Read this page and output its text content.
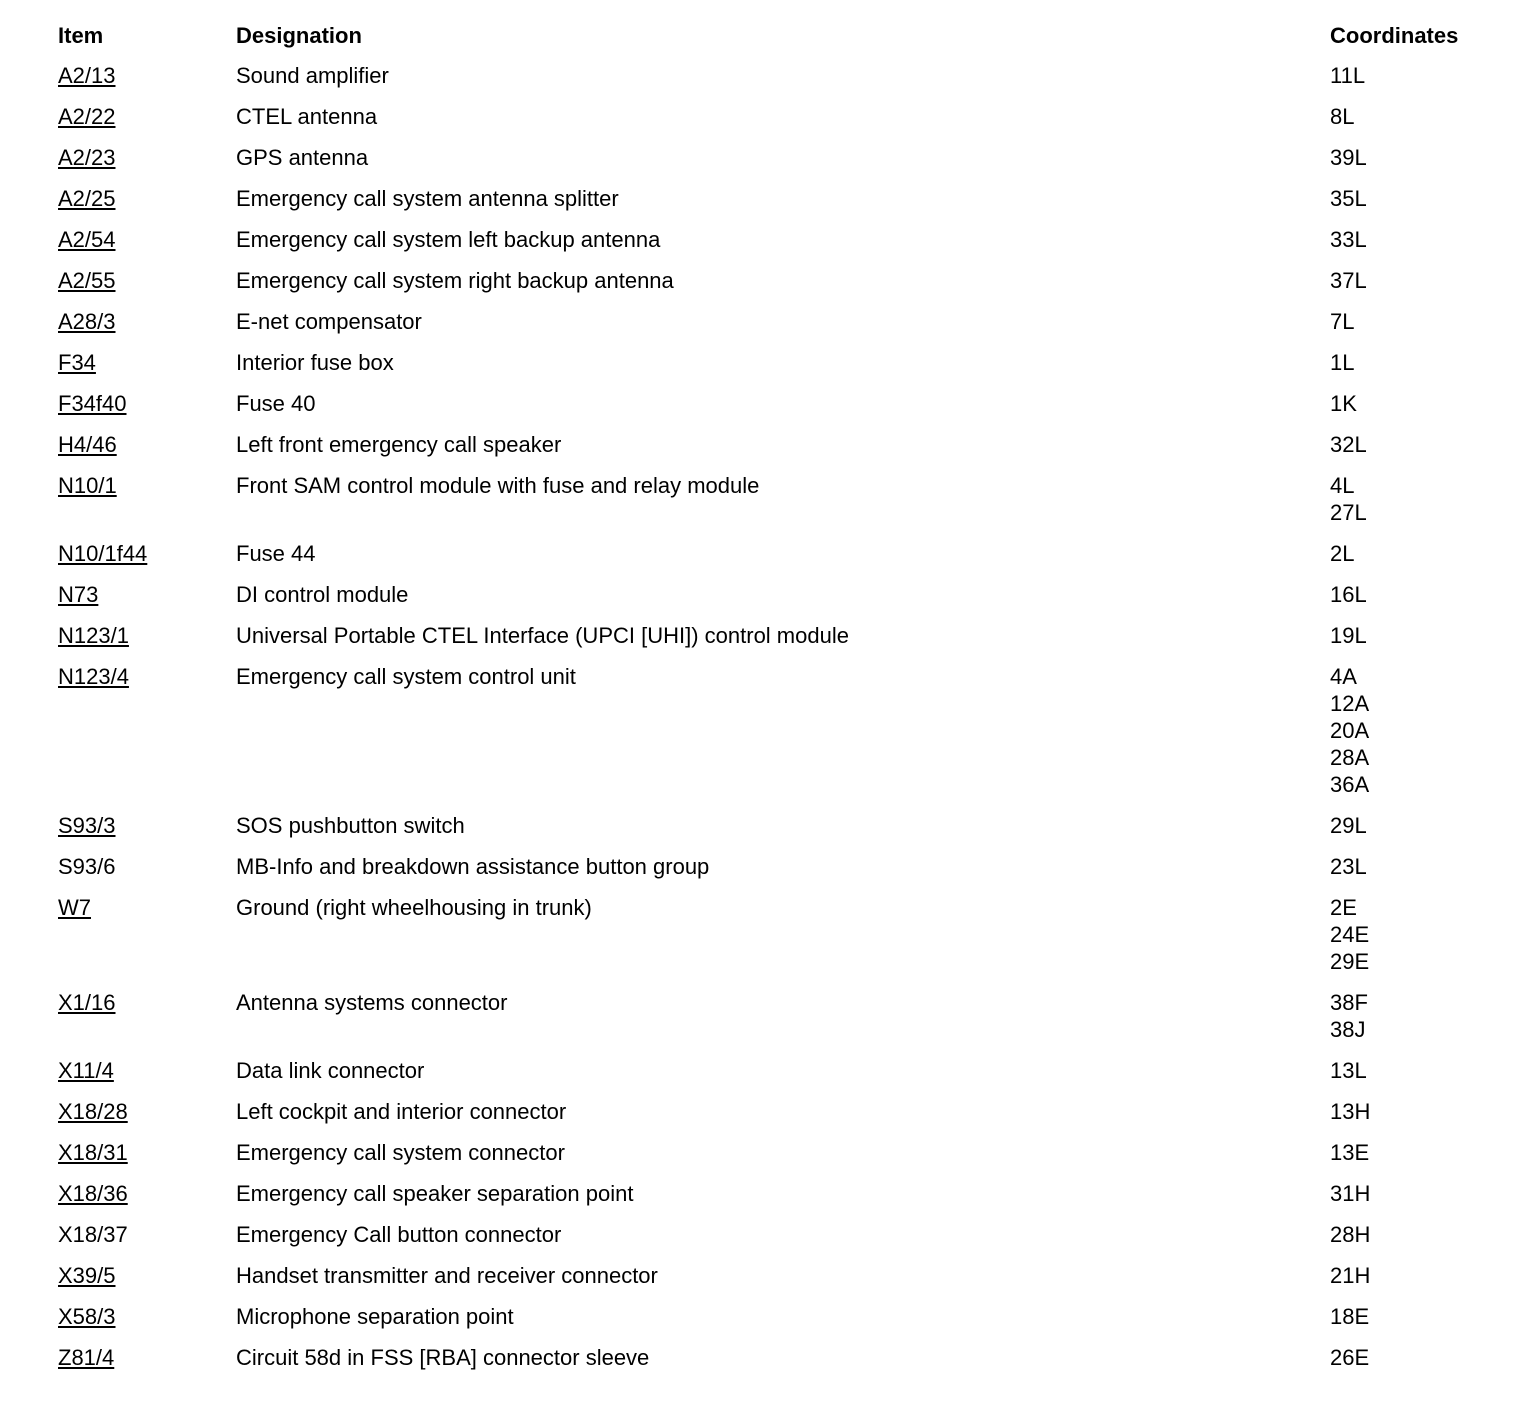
Item	Designation	Coordinates
A2/13	Sound amplifier	11L
A2/22	CTEL antenna	8L
A2/23	GPS antenna	39L
A2/25	Emergency call system antenna splitter	35L
A2/54	Emergency call system left backup antenna	33L
A2/55	Emergency call system right backup antenna	37L
A28/3	E-net compensator	7L
F34	Interior fuse box	1L
F34f40	Fuse 40	1K
H4/46	Left front emergency call speaker	32L
N10/1	Front SAM control module with fuse and relay module	4L
27L
N10/1f44	Fuse 44	2L
N73	DI control module	16L
N123/1	Universal Portable CTEL Interface (UPCI [UHI]) control module	19L
N123/4	Emergency call system control unit	4A
12A
20A
28A
36A
S93/3	SOS pushbutton switch	29L
S93/6	MB-Info and breakdown assistance button group	23L
W7	Ground (right wheelhousing in trunk)	2E
24E
29E
X1/16	Antenna systems connector	38F
38J
X11/4	Data link connector	13L
X18/28	Left cockpit and interior connector	13H
X18/31	Emergency call system connector	13E
X18/36	Emergency call speaker separation point	31H
X18/37	Emergency Call button connector	28H
X39/5	Handset transmitter and receiver connector	21H
X58/3	Microphone separation point	18E
Z81/4	Circuit 58d in FSS [RBA] connector sleeve	26E
